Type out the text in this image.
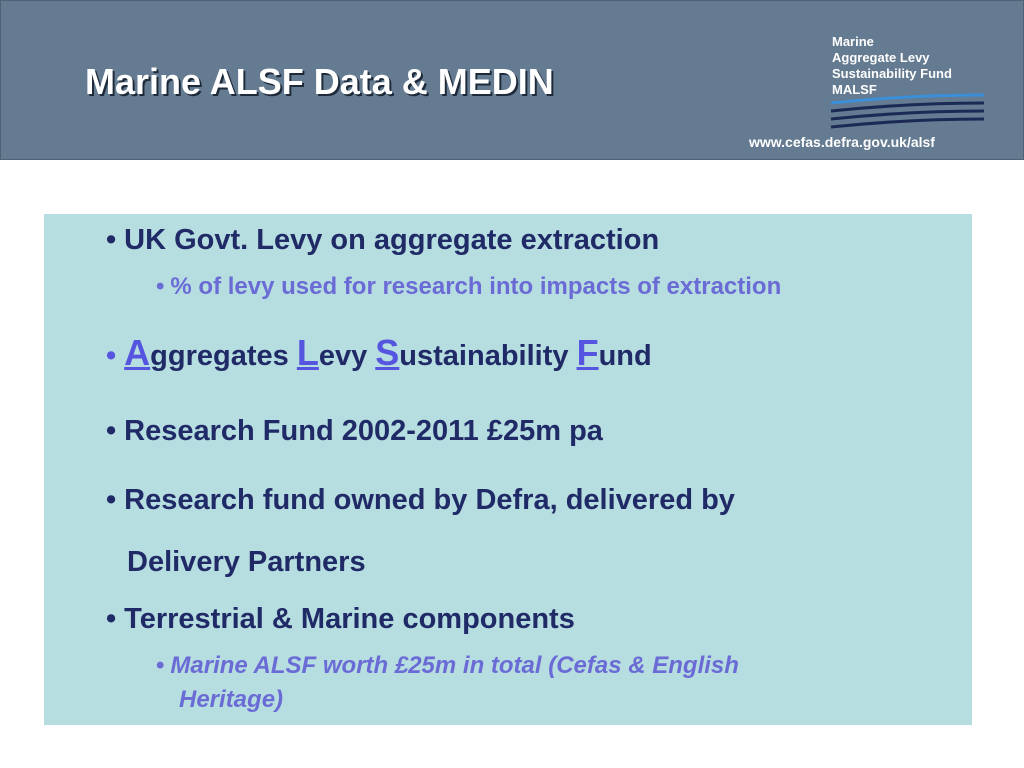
Marine ALSF Data & MEDIN
Marine
Aggregate Levy
Sustainability Fund
MALSF
www.cefas.defra.gov.uk/alsf
• UK Govt. Levy on aggregate extraction
• % of levy used for research into impacts of extraction
• Aggregates Levy Sustainability Fund
• Research Fund 2002-2011 £25m pa
• Research fund owned by Defra, delivered by
Delivery Partners
• Terrestrial & Marine components
• Marine ALSF worth £25m in total (Cefas & English
Heritage)
